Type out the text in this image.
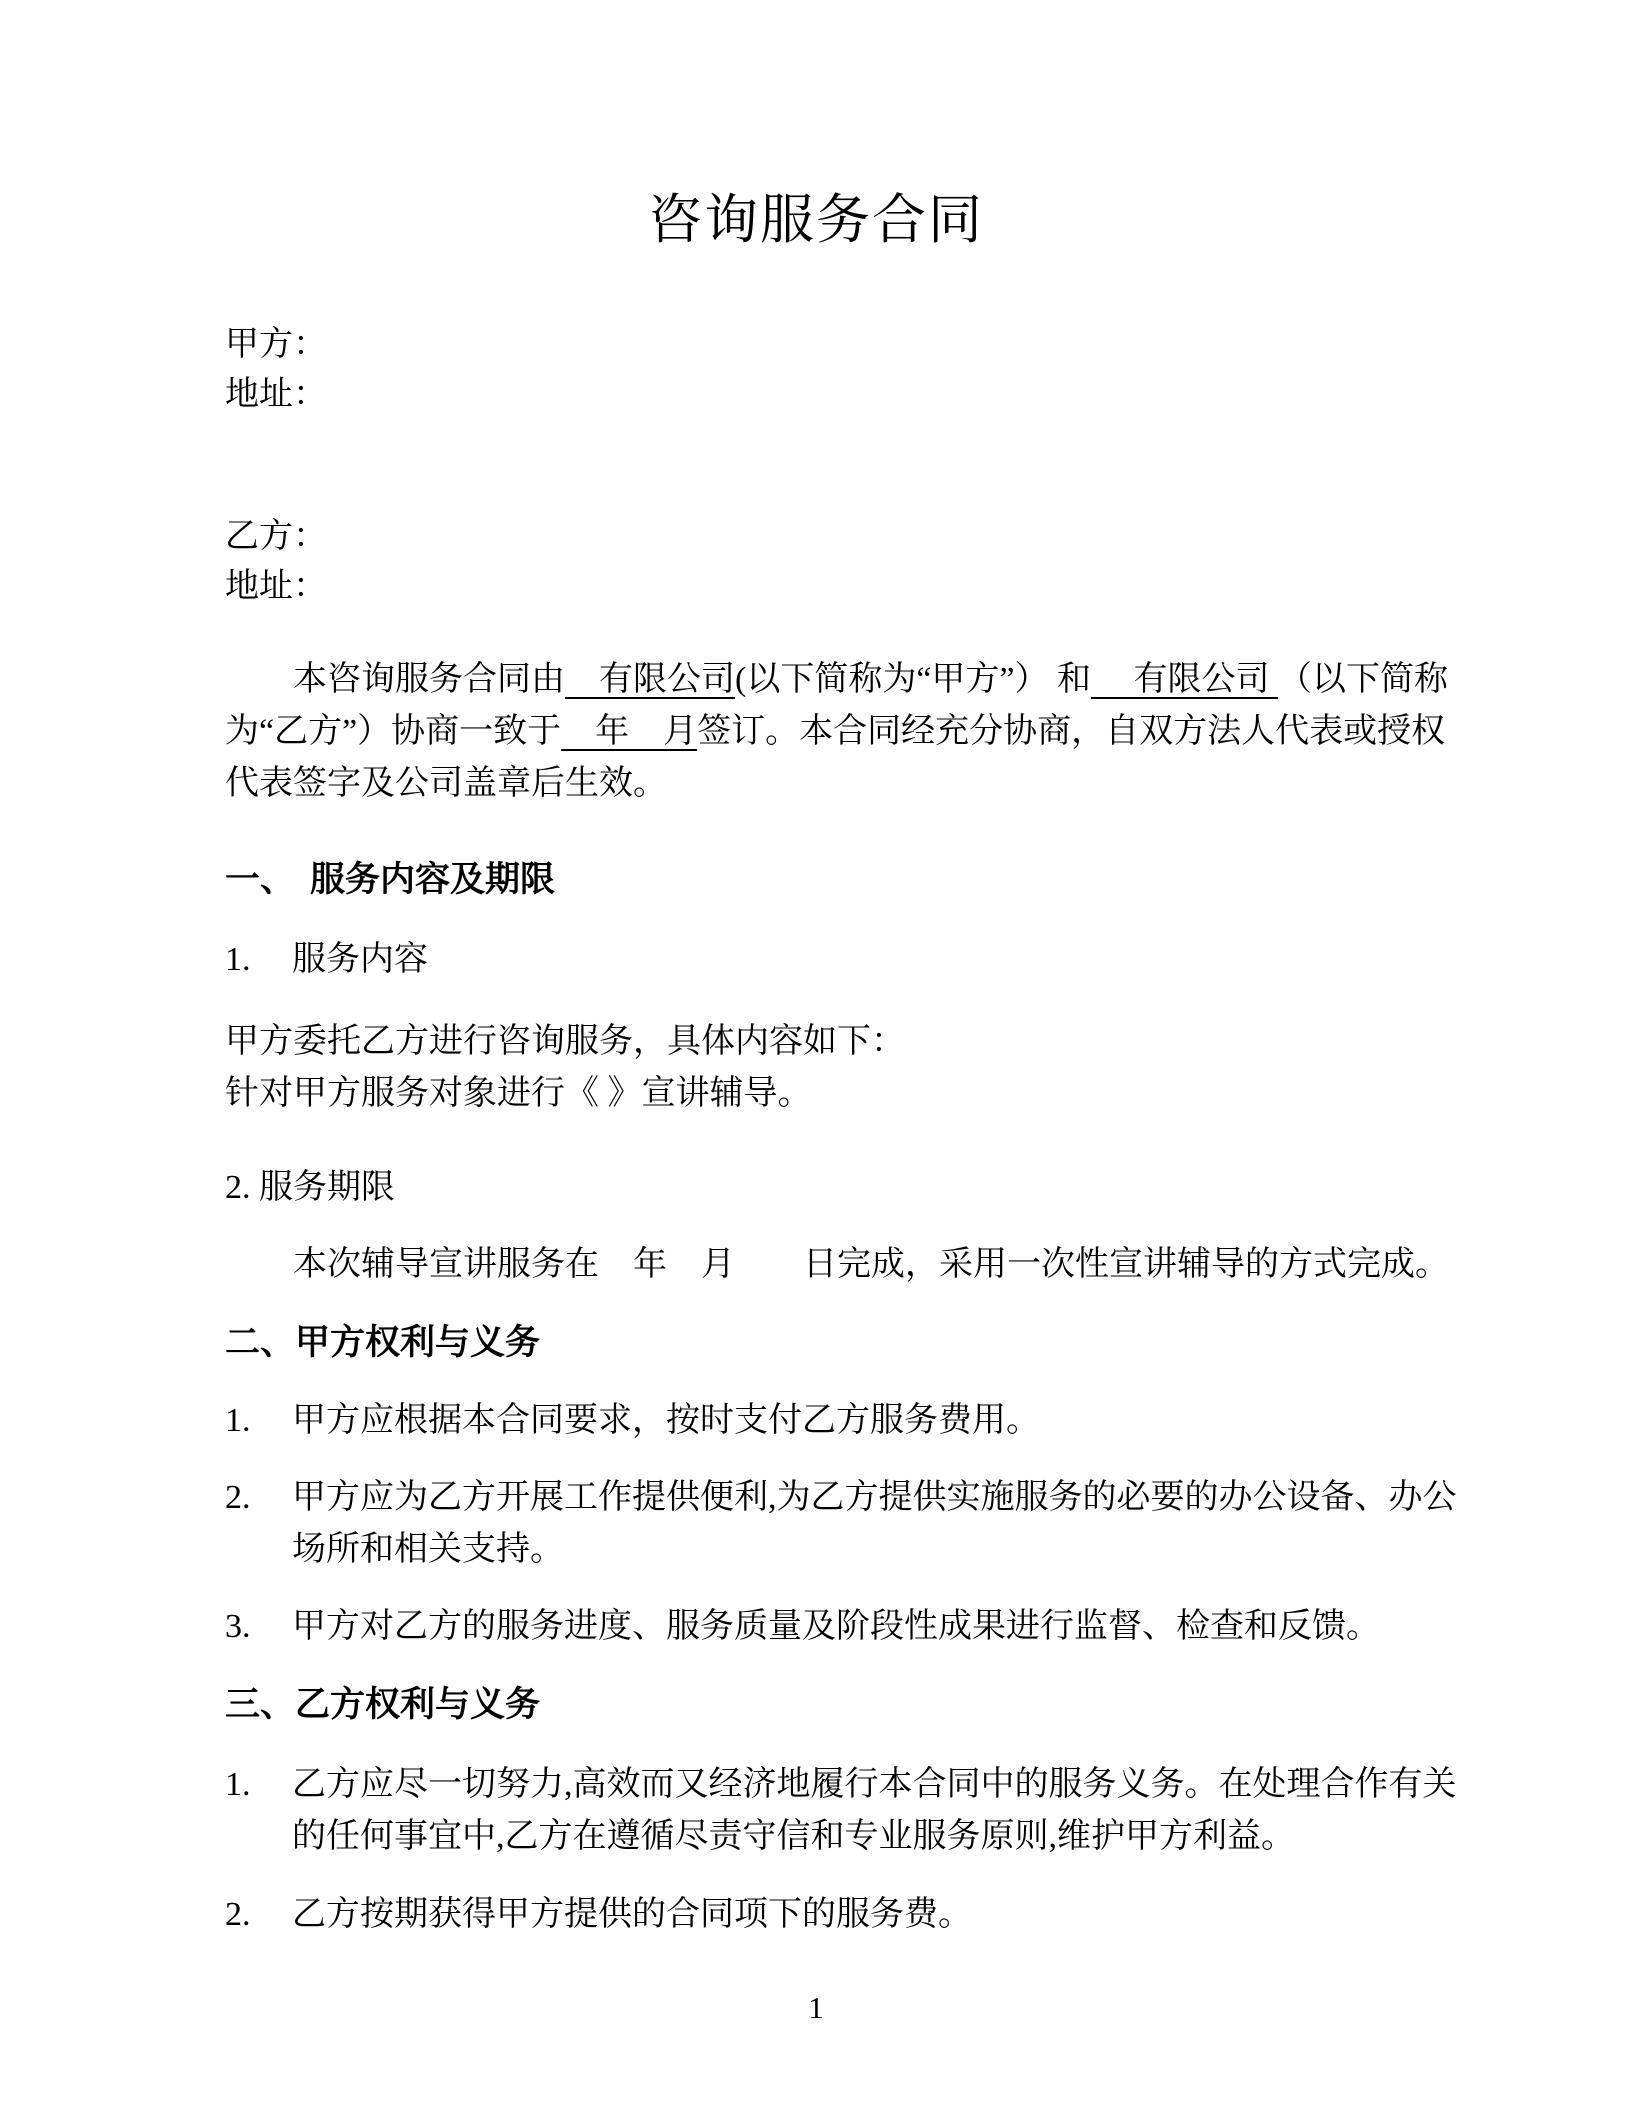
咨询服务合同

甲方：

地址：

乙方：

地址：

本咨询服务合同由　有限公司(以下简称为“甲方”） 和　 有限公司 （以下简称为“乙方”）协商一致于　年　月签订。本合同经充分协商，自双方法人代表或授权代表签字及公司盖章后生效。

一、 服务内容及期限
1.	服务内容

甲方委托乙方进行咨询服务，具体内容如下：

针对甲方服务对象进行《 》宣讲辅导。

2. 服务期限

本次辅导宣讲服务在　年　月　　日完成，采用一次性宣讲辅导的方式完成。

二、甲方权利与义务
1.	甲方应根据本合同要求，按时支付乙方服务费用。
2.	甲方应为乙方开展工作提供便利,为乙方提供实施服务的必要的办公设备、办公场所和相关支持。
3.	甲方对乙方的服务进度、服务质量及阶段性成果进行监督、检查和反馈。
三、乙方权利与义务
1.	乙方应尽一切努力,高效而又经济地履行本合同中的服务义务。在处理合作有关的任何事宜中,乙方在遵循尽责守信和专业服务原则,维护甲方利益。
2.	乙方按期获得甲方提供的合同项下的服务费。
1
